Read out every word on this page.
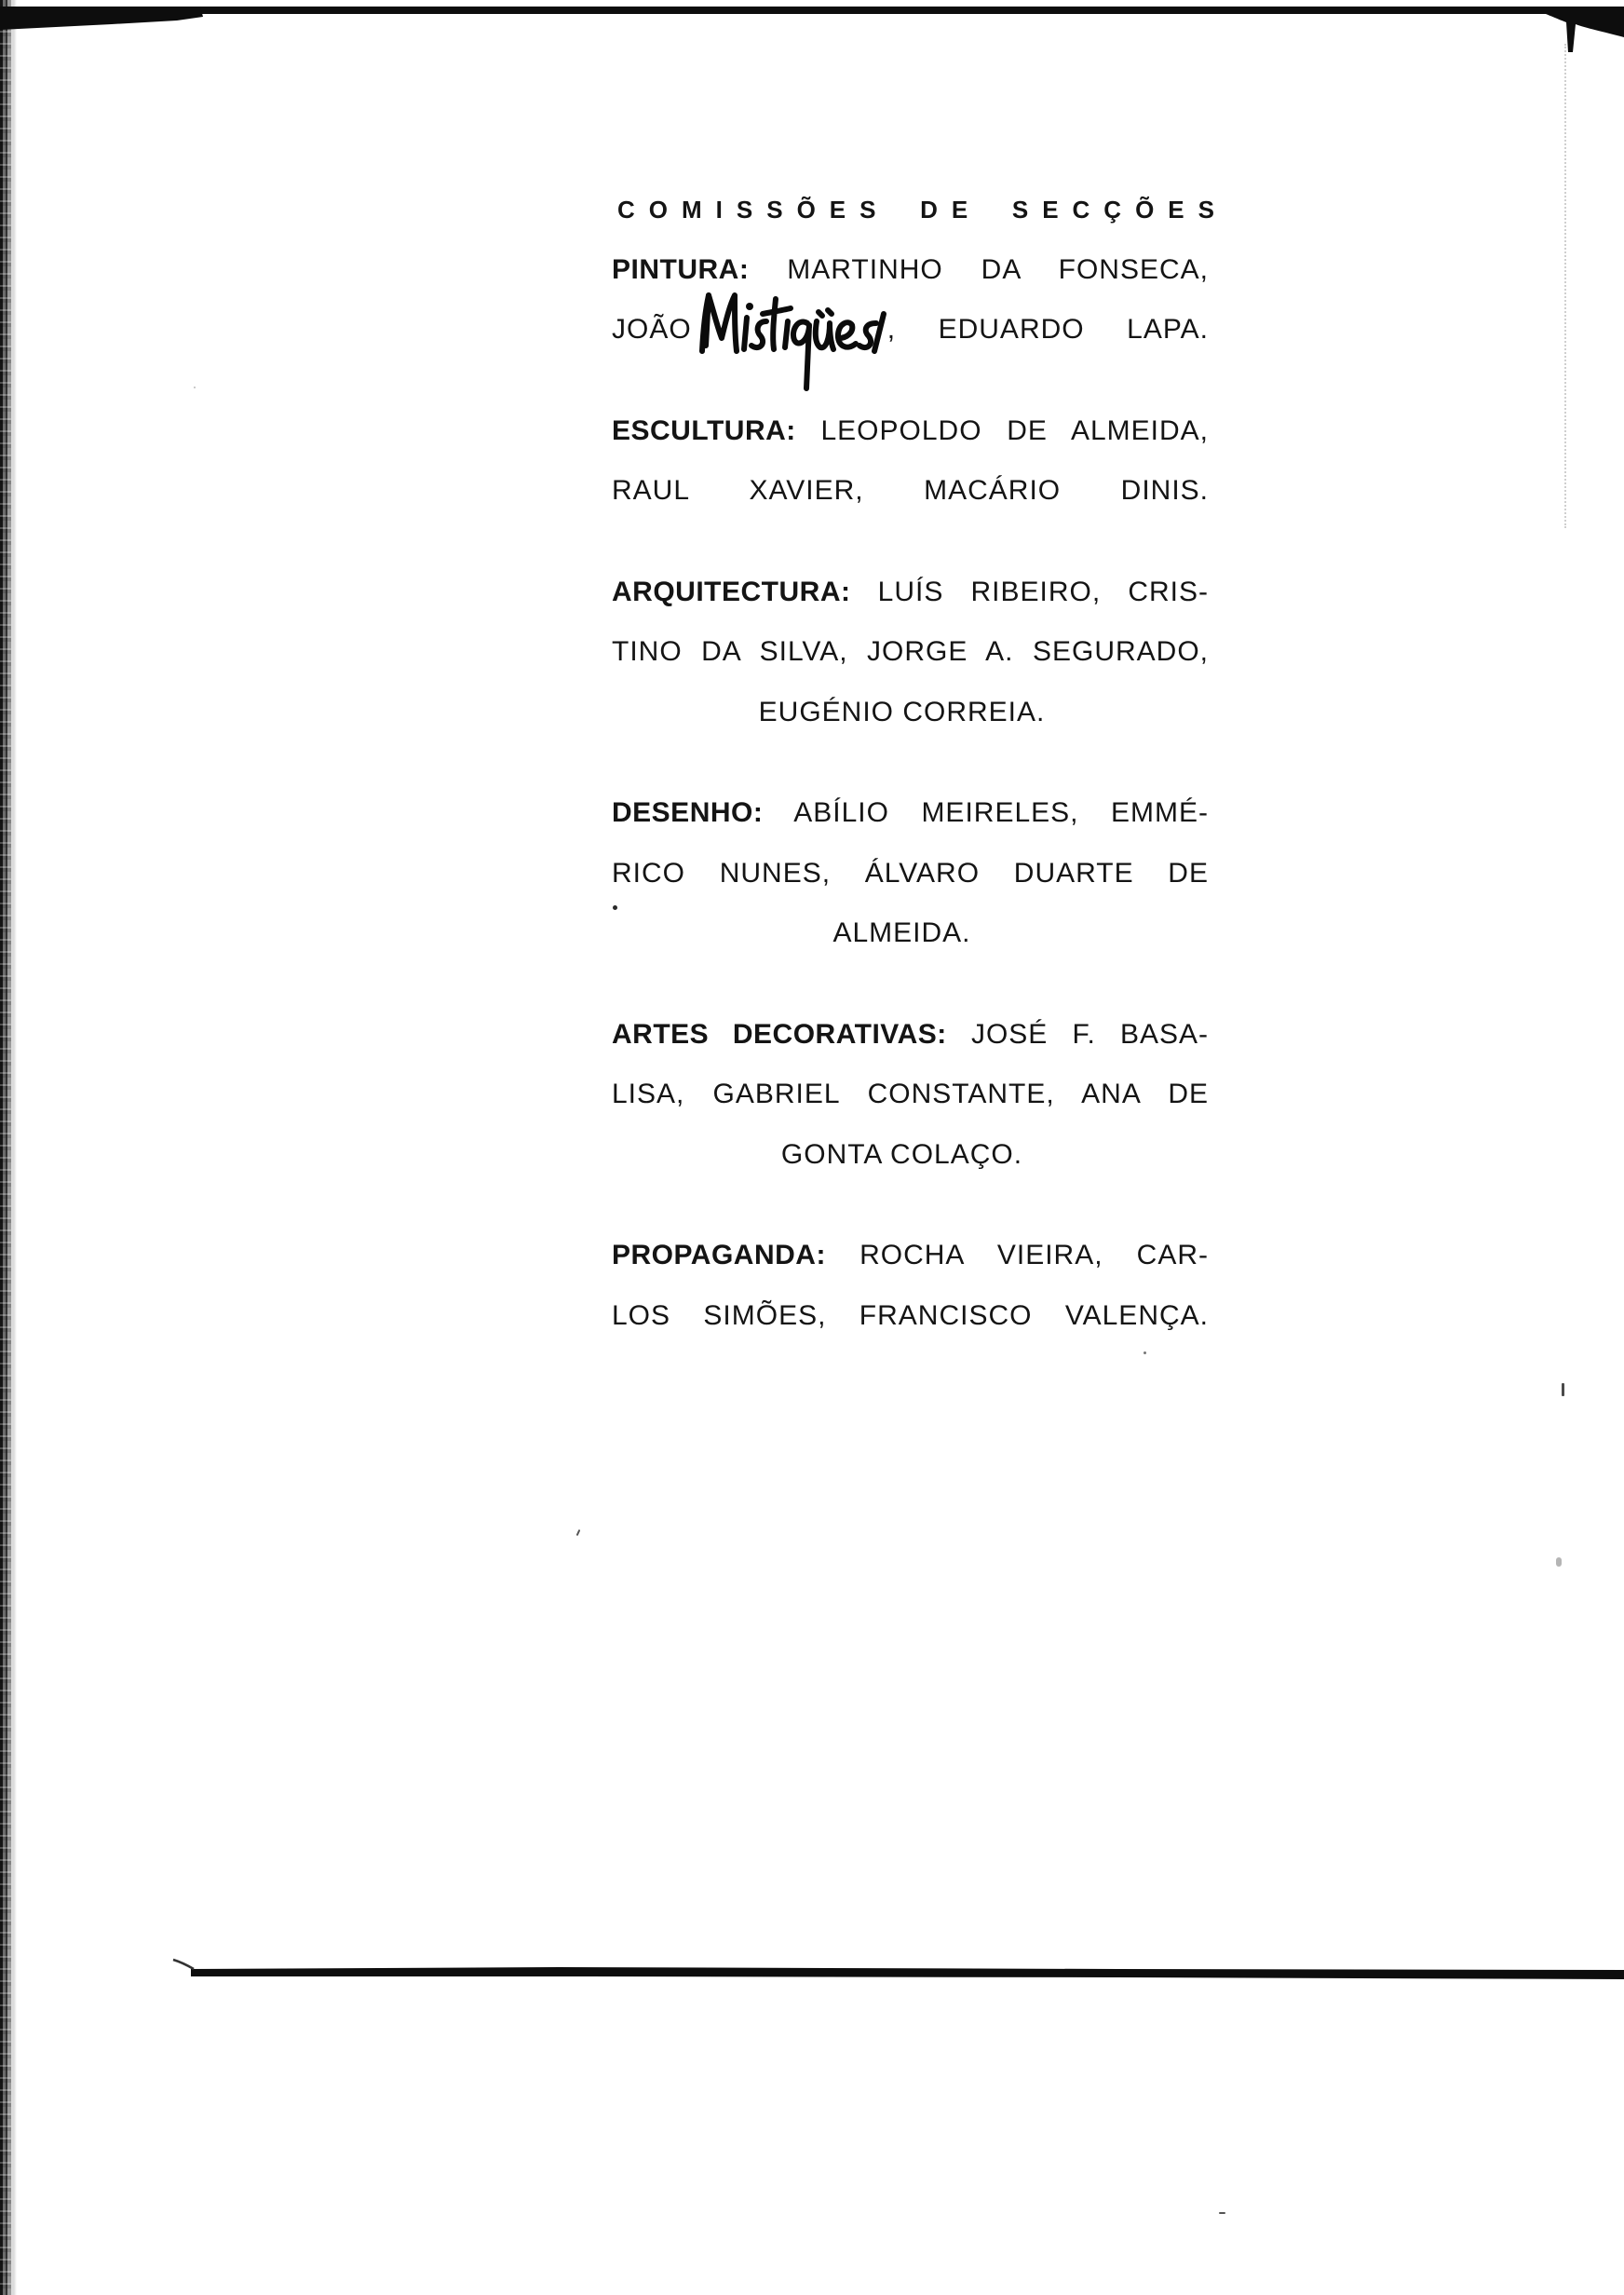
COMISSÕES DE SECÇÕES
PINTURA: MARTINHO DA FONSECA,
JOÃO	, EDUARDO LAPA.
ESCULTURA: LEOPOLDO DE ALMEIDA,
RAUL XAVIER, MACÁRIO DINIS.
ARQUITECTURA: LUÍS RIBEIRO, CRIS-
TINO DA SILVA, JORGE A. SEGURADO,
EUGÉNIO CORREIA.
DESENHO: ABÍLIO MEIRELES, EMMÉ-
RICO NUNES, ÁLVARO DUARTE DE
ALMEIDA.
ARTES DECORATIVAS: JOSÉ F. BASA-
LISA, GABRIEL CONSTANTE, ANA DE
GONTA COLAÇO.
PROPAGANDA: ROCHA VIEIRA, CAR-
LOS SIMÕES, FRANCISCO VALENÇA.
